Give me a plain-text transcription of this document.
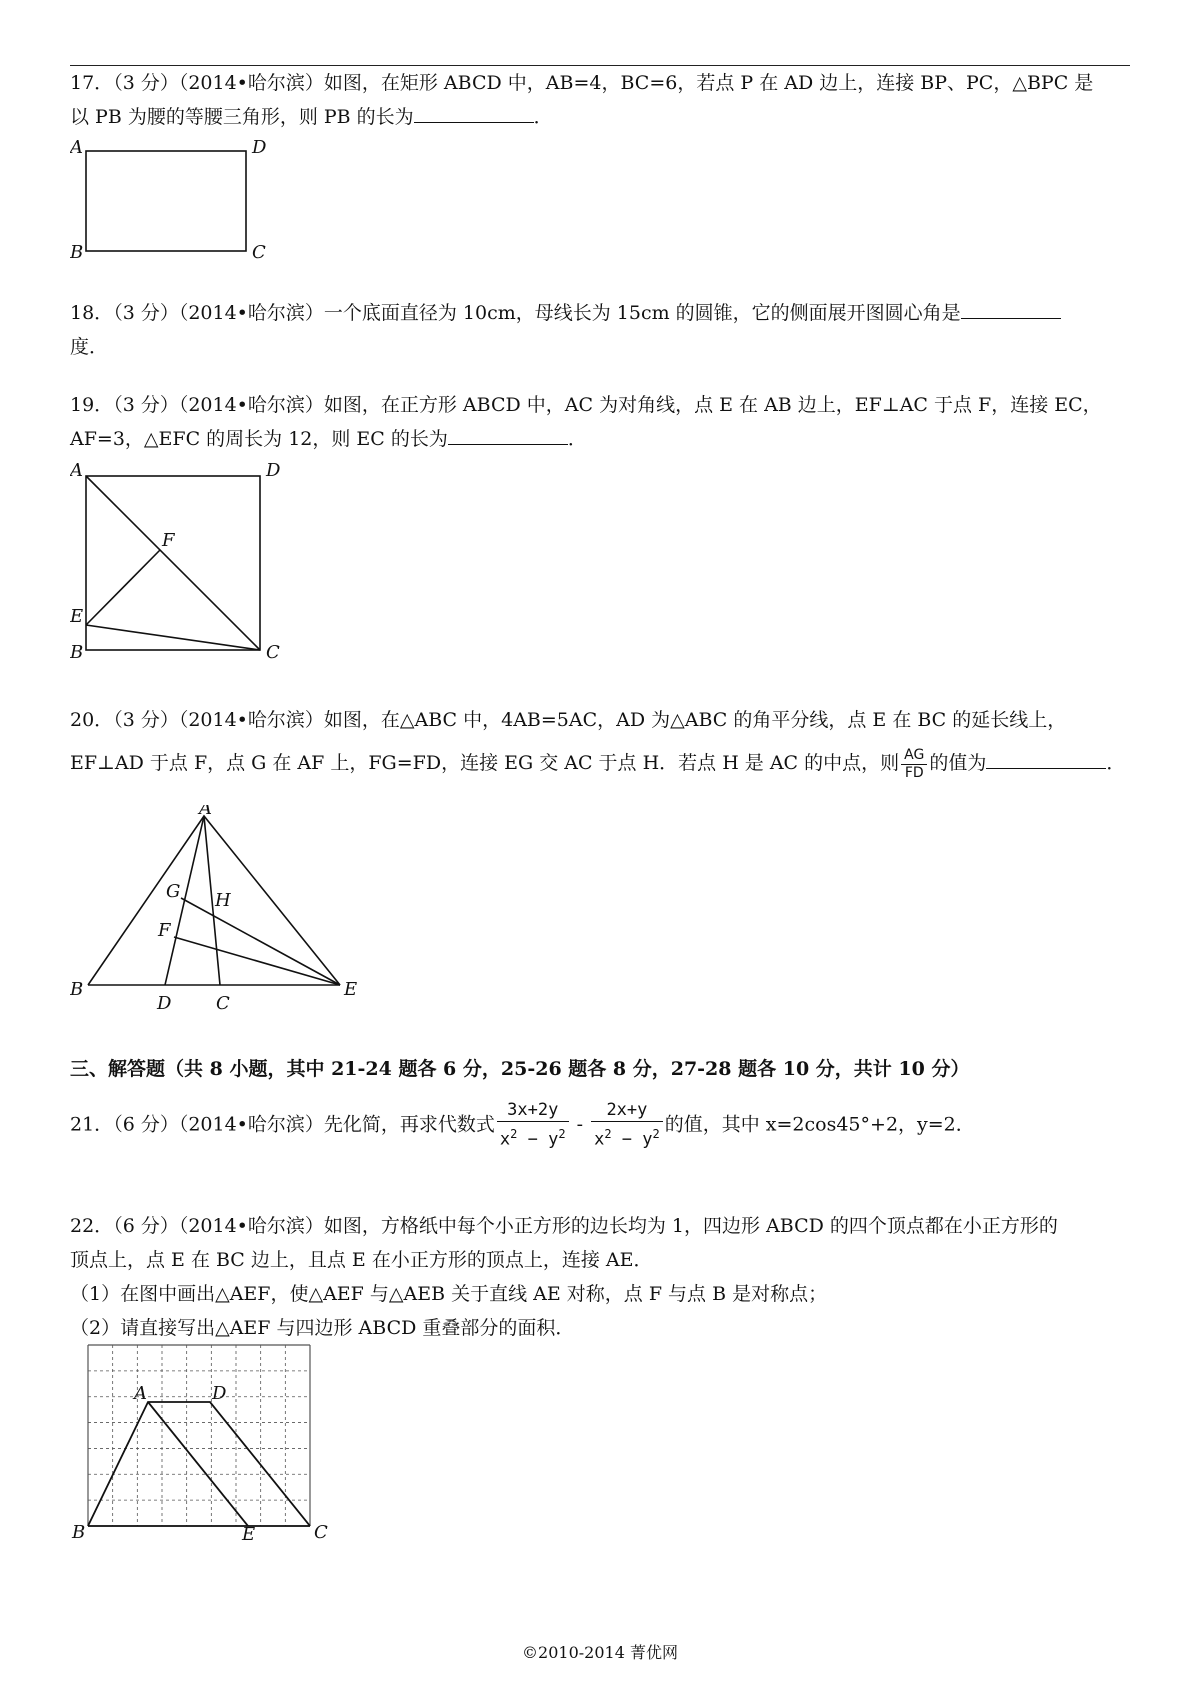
17．（3 分）（2014•哈尔滨）如图，在矩形 ABCD 中，AB=4，BC=6，若点 P 在 AD 边上，连接 BP、PC，△BPC 是
以 PB 为腰的等腰三角形，则 PB 的长为	．
A	D
B	C
18．（3 分）（2014•哈尔滨）一个底面直径为 10cm，母线长为 15cm 的圆锥，它的侧面展开图圆心角是
度．
19．（3 分）（2014•哈尔滨）如图，在正方形 ABCD 中，AC 为对角线，点 E 在 AB 边上，EF⊥AC 于点 F，连接 EC，
AF=3，△EFC 的周长为 12，则 EC 的长为	．
A	D
F
E
B	C
20．（3 分）（2014•哈尔滨）如图，在△ABC 中，4AB=5AC，AD 为△ABC 的角平分线，点 E 在 BC 的延长线上，
EF⊥AD 于点 F，点 G 在 AF 上，FG=FD，连接 EG 交 AC 于点 H．若点 H 是 AC 的中点，则 $\frac{AG}{FD}$ 的值为	．
A
G H
F
B
D C
E
三、解答题（共 8 小题，其中 21-24 题各 6 分，25-26 题各 8 分，27-28 题各 10 分，共计 10 分）
21．（6 分）（2014•哈尔滨）先化简，再求代数式 $\frac{3x+2y}{x^2 - y^2} - \frac{2x+y}{x^2 - y^2}$ 的值，其中 x=2cos45°+2，y=2．
22．（6 分）（2014•哈尔滨）如图，方格纸中每个小正方形的边长均为 1，四边形 ABCD 的四个顶点都在小正方形的
顶点上，点 E 在 BC 边上，且点 E 在小正方形的顶点上，连接 AE．
（1）在图中画出△AEF，使△AEF 与△AEB 关于直线 AE 对称，点 F 与点 B 是对称点；
（2）请直接写出△AEF 与四边形 ABCD 重叠部分的面积．
A	D
B	E	C
©2010-2014 菁优网
